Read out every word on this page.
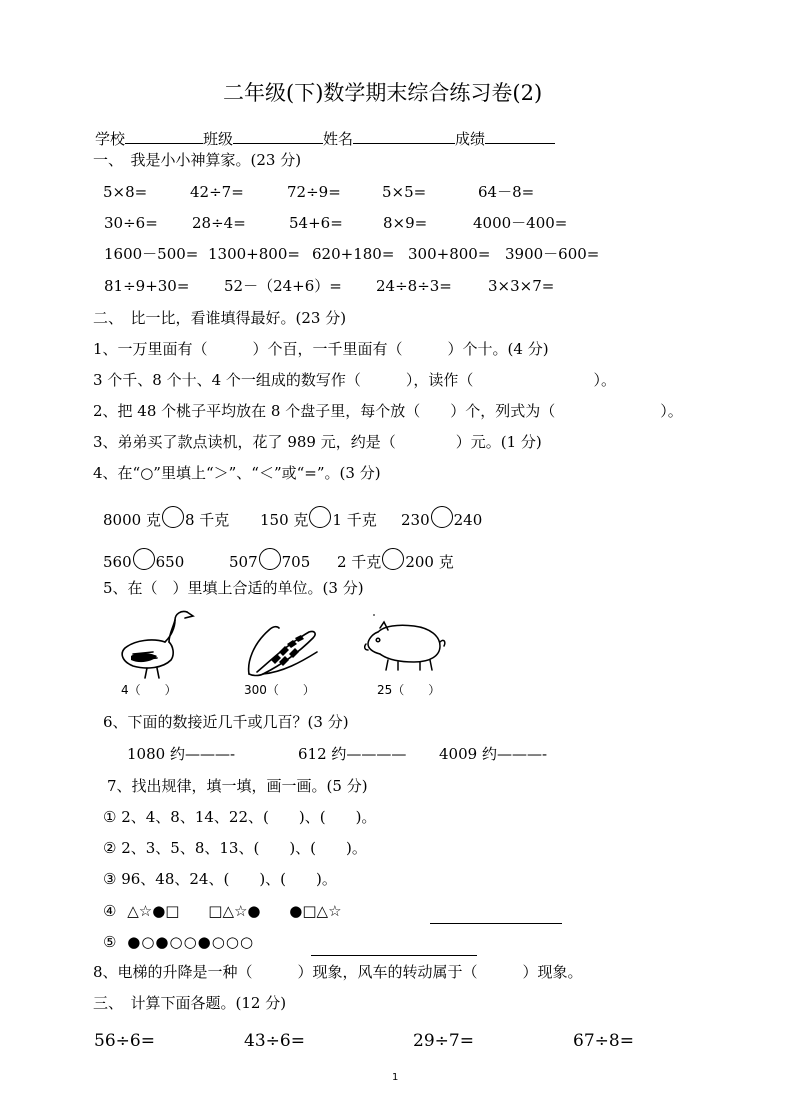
二年级(下)数学期末综合练习卷(2)
学校	班级	姓名	成绩
一、　我是小小神算家。(23 分)
5×8=	42÷7=	72÷9=	5×5=	64－8=
30÷6= 28÷4=	54+6=	8×9=	4000－400=
1600－500= 1300+800= 620+180= 300+800= 3900－600=
81÷9+30= 52－（24+6）= 24÷8÷3= 3×3×7=
二、　比一比，看谁填得最好。(23 分)
1、一万里面有（　　　）个百，一千里面有（　　　）个十。(4 分)
3 个千、8 个十、4 个一组成的数写作（　　　），读作（　　　　　　　　）。
2、把 48 个桃子平均放在 8 个盘子里，每个放（　　）个，列式为（　　　　　　　）。
3、弟弟买了款点读机，花了 989 元，约是（　　　　）元。(1 分)
4、在“○”里填上“＞”、“＜”或“=”。(3 分)
8000 克 8 千克 150 克 1 千克 230 240
560 650	507 705 2 千克 200 克
5、在（　）里填上合适的单位。(3 分)
4（　　）	300（　　）	25（　　）
6、下面的数接近几千或几百？(3 分)
1080 约———-	612 约———— 4009 约———-
7、找出规律，填一填，画一画。(5 分)
① 2、4、8、14、22、(　　)、(　　)。
② 2、3、5、8、13、(　　)、(　　)。
③ 96、48、24、(　　)、(　　)。
④ △☆●□ □△☆● ●□△☆
⑤ ●○●○○●○○○
8、电梯的升降是一种（　　　）现象，风车的转动属于（　　　）现象。
三、　计算下面各题。(12 分)
56÷6=	43÷6=	29÷7=	67÷8=
1
